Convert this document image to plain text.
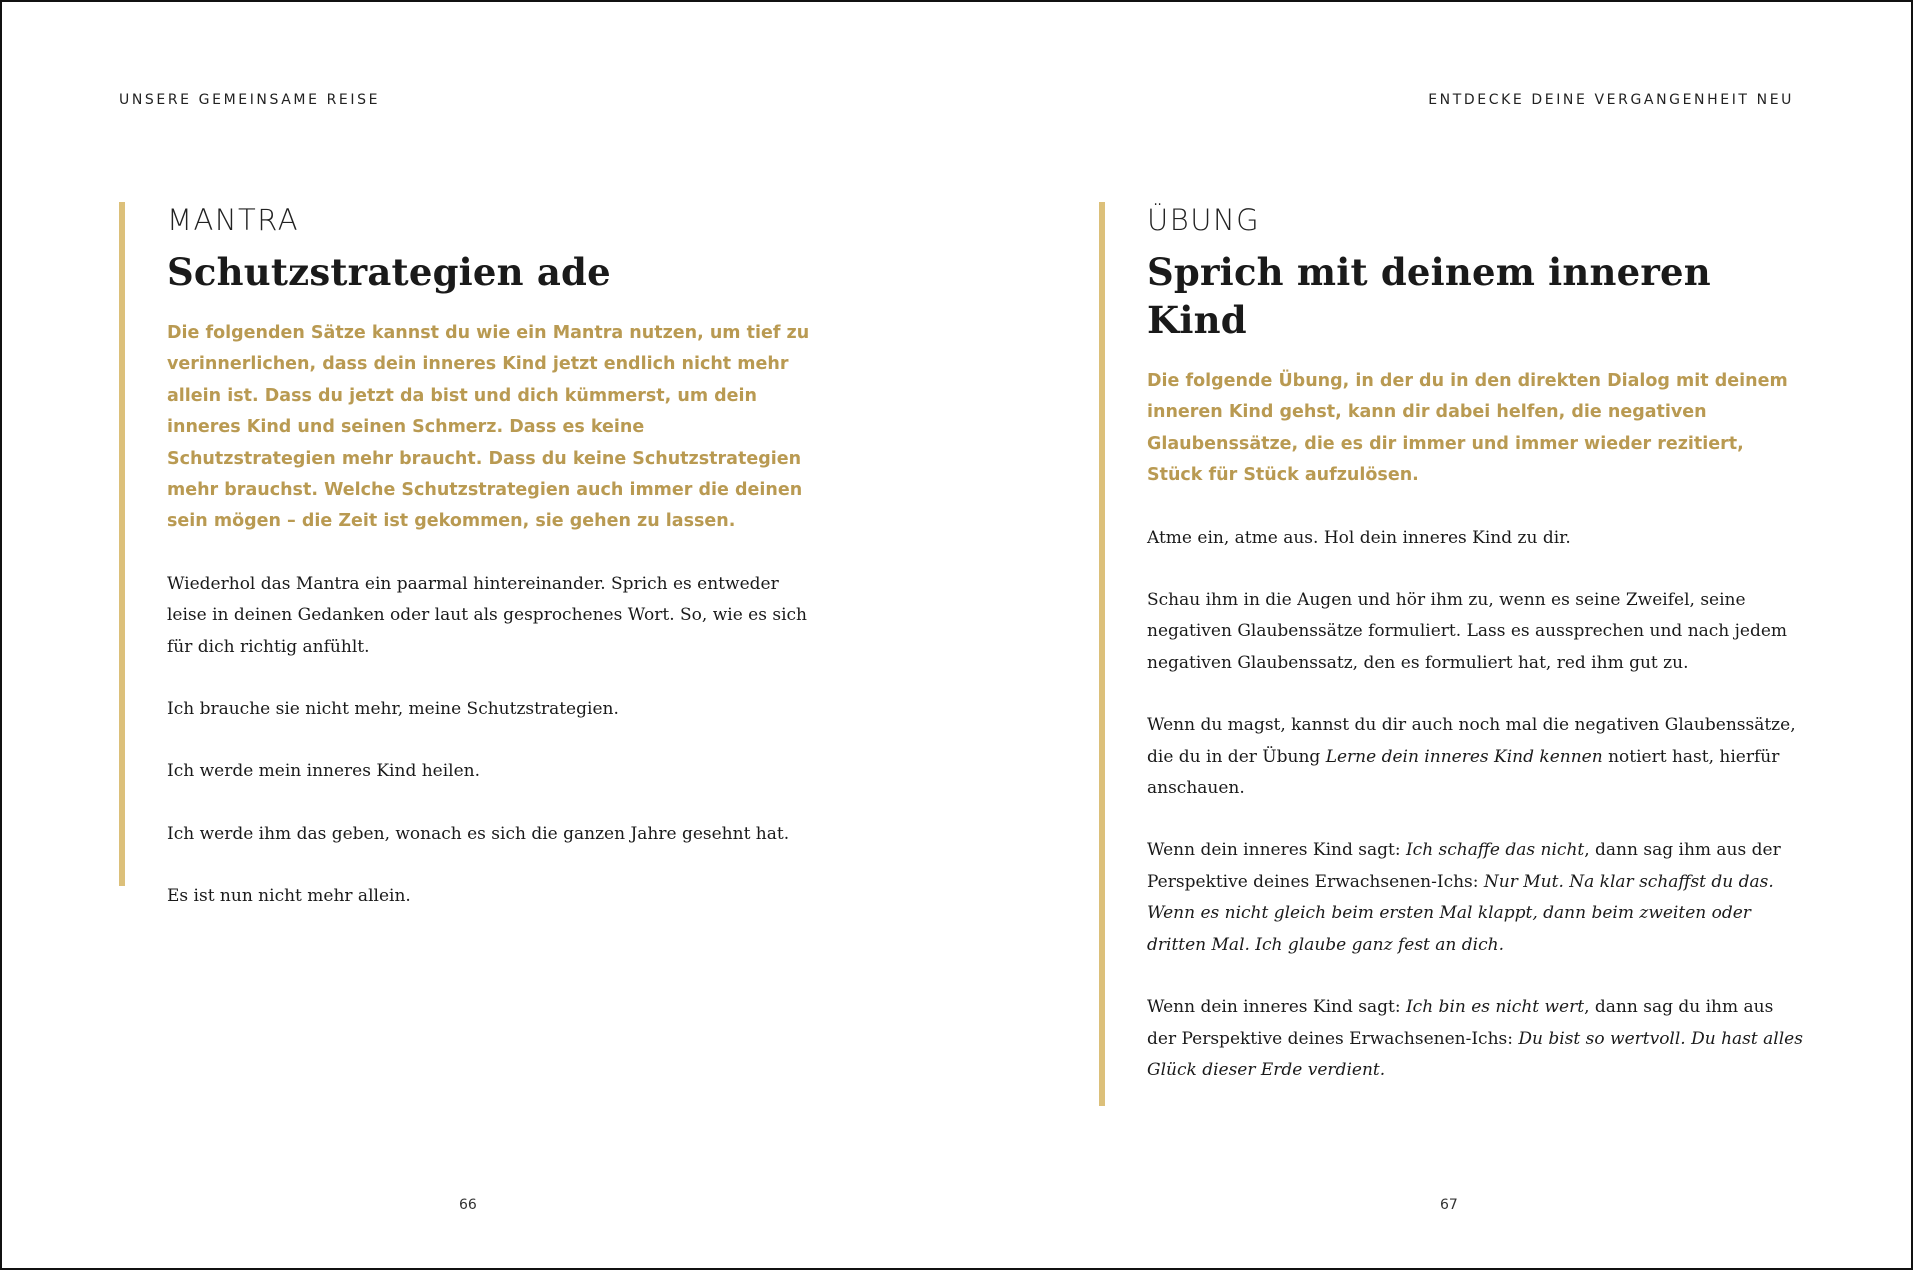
UNSERE GEMEINSAME REISE	ENTDECKE DEINE VERGANGENHEIT NEU
MANTRA
Schutzstrategien ade
Die folgenden Sätze kannst du wie ein Mantra nutzen, um tief zu verinnerlichen, dass dein inneres Kind jetzt endlich nicht mehr allein ist. Dass du jetzt da bist und dich kümmerst, um dein inneres Kind und seinen Schmerz. Dass es keine Schutzstrategien mehr braucht. Dass du keine Schutzstrategien mehr brauchst. Welche Schutzstrategien auch immer die deinen sein mögen – die Zeit ist gekommen, sie gehen zu lassen.
Wiederhol das Mantra ein paarmal hintereinander. Sprich es entweder leise in deinen Gedanken oder laut als gesprochenes Wort. So, wie es sich für dich richtig anfühlt.
Ich brauche sie nicht mehr, meine Schutzstrategien.
Ich werde mein inneres Kind heilen.
Ich werde ihm das geben, wonach es sich die ganzen Jahre gesehnt hat.
Es ist nun nicht mehr allein.
ÜBUNG
Sprich mit deinem inneren Kind
Die folgende Übung, in der du in den direkten Dialog mit deinem inneren Kind gehst, kann dir dabei helfen, die negativen Glaubenssätze, die es dir immer und immer wieder rezitiert, Stück für Stück aufzulösen.
Atme ein, atme aus. Hol dein inneres Kind zu dir.
Schau ihm in die Augen und hör ihm zu, wenn es seine Zweifel, seine negativen Glaubenssätze formuliert. Lass es aussprechen und nach jedem negativen Glaubenssatz, den es formuliert hat, red ihm gut zu.
Wenn du magst, kannst du dir auch noch mal die negativen Glaubenssätze, die du in der Übung Lerne dein inneres Kind kennen notiert hast, hierfür anschauen.
Wenn dein inneres Kind sagt: Ich schaffe das nicht, dann sag ihm aus der Perspektive deines Erwachsenen-Ichs: Nur Mut. Na klar schaffst du das. Wenn es nicht gleich beim ersten Mal klappt, dann beim zweiten oder dritten Mal. Ich glaube ganz fest an dich.
Wenn dein inneres Kind sagt: Ich bin es nicht wert, dann sag du ihm aus der Perspektive deines Erwachsenen-Ichs: Du bist so wertvoll. Du hast alles Glück dieser Erde verdient.
66	67
